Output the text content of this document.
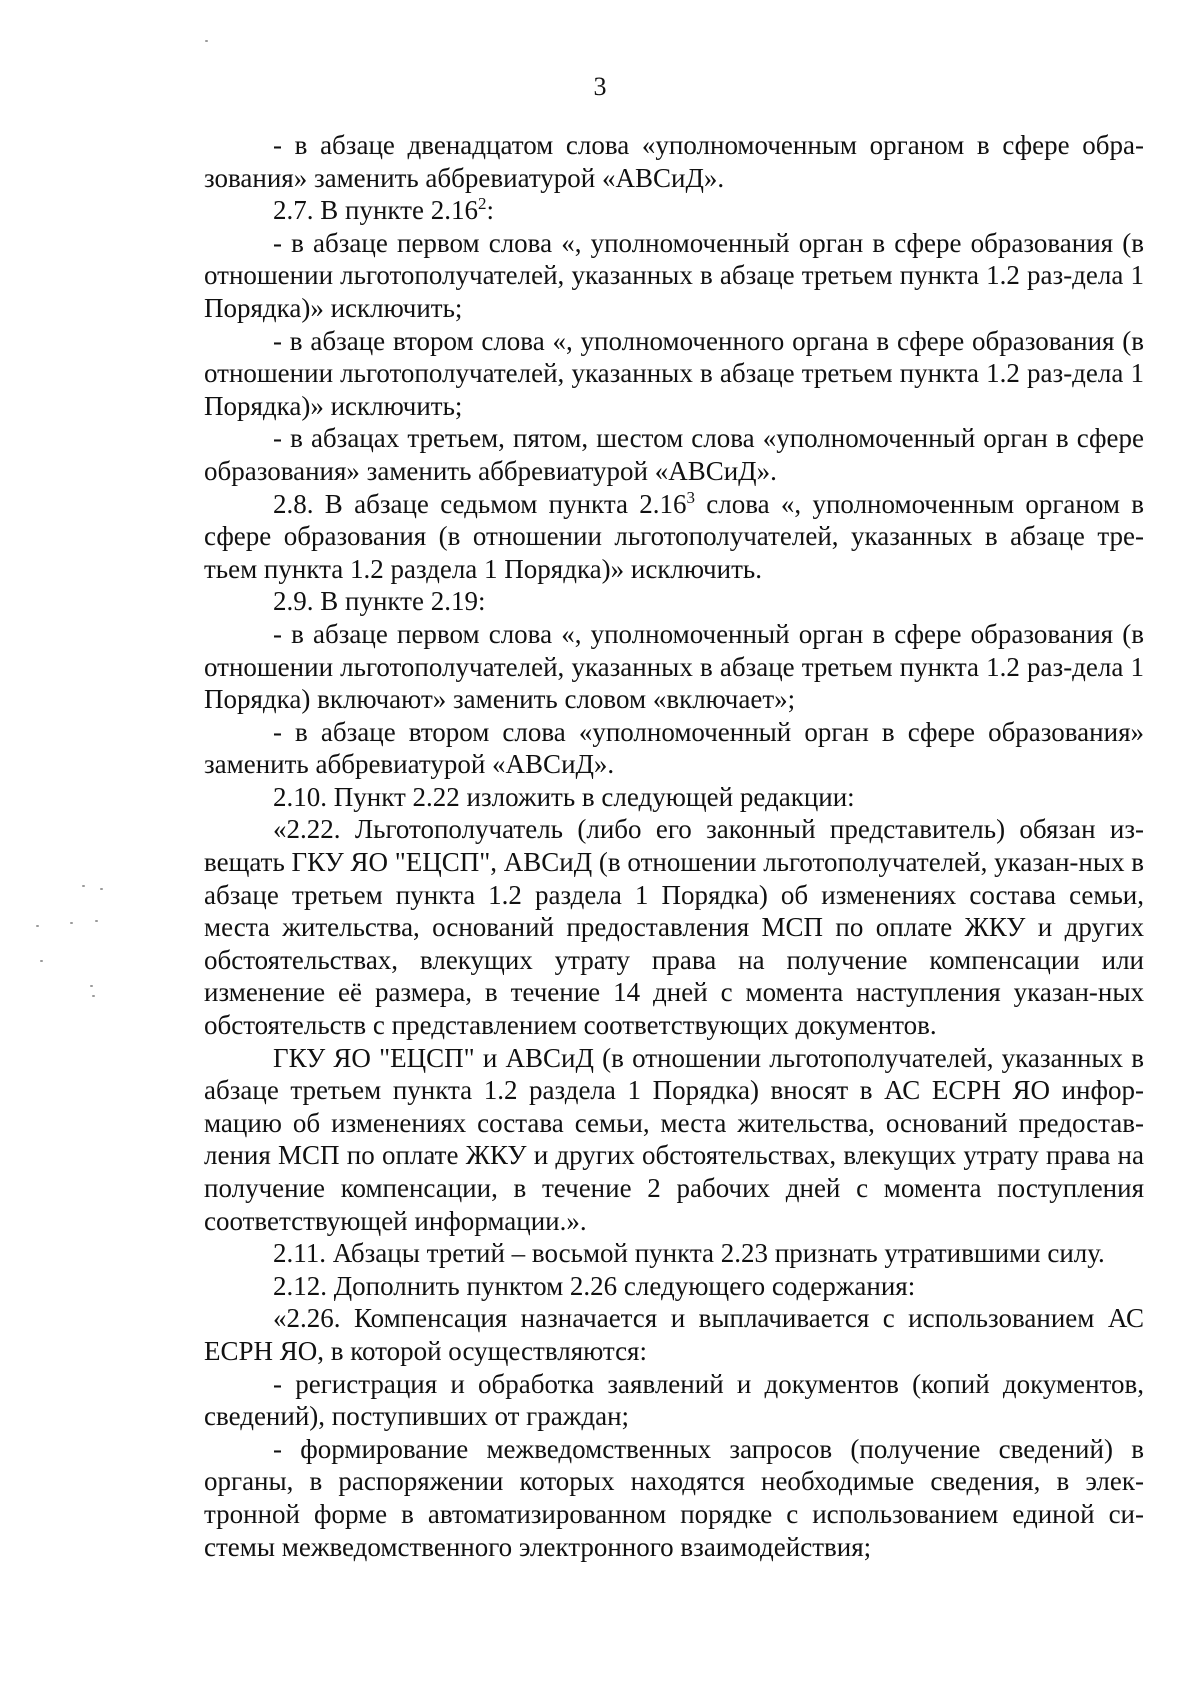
3

- в абзаце двенадцатом слова «уполномоченным органом в сфере обра-зования» заменить аббревиатурой «АВСиД».

2.7. В пункте 2.16$^2$:

- в абзаце первом слова «, уполномоченный орган в сфере образования (в отношении льготополучателей, указанных в абзаце третьем пункта 1.2 раз-дела 1 Порядка)» исключить;

- в абзаце втором слова «, уполномоченного органа в сфере образования (в отношении льготополучателей, указанных в абзаце третьем пункта 1.2 раз-дела 1 Порядка)» исключить;

- в абзацах третьем, пятом, шестом слова «уполномоченный орган в сфере образования» заменить аббревиатурой «АВСиД».

2.8. В абзаце седьмом пункта 2.16$^3$ слова «, уполномоченным органом в сфере образования (в отношении льготополучателей, указанных в абзаце тре-тьем пункта 1.2 раздела 1 Порядка)» исключить.

2.9. В пункте 2.19:

- в абзаце первом слова «, уполномоченный орган в сфере образования (в отношении льготополучателей, указанных в абзаце третьем пункта 1.2 раз-дела 1 Порядка) включают» заменить словом «включает»;

- в абзаце втором слова «уполномоченный орган в сфере образования» заменить аббревиатурой «АВСиД».

2.10. Пункт 2.22 изложить в следующей редакции:

«2.22. Льготополучатель (либо его законный представитель) обязан из-вещать ГКУ ЯО "ЕЦСП", АВСиД (в отношении льготополучателей, указан-ных в абзаце третьем пункта 1.2 раздела 1 Порядка) об изменениях состава семьи, места жительства, оснований предоставления МСП по оплате ЖКУ и других обстоятельствах, влекущих утрату права на получение компенсации или изменение её размера, в течение 14 дней с момента наступления указан-ных обстоятельств с представлением соответствующих документов.

ГКУ ЯО "ЕЦСП" и АВСиД (в отношении льготополучателей, указанных в абзаце третьем пункта 1.2 раздела 1 Порядка) вносят в АС ЕСРН ЯО инфор-мацию об изменениях состава семьи, места жительства, оснований предостав-ления МСП по оплате ЖКУ и других обстоятельствах, влекущих утрату права на получение компенсации, в течение 2 рабочих дней с момента поступления соответствующей информации.».

2.11. Абзацы третий – восьмой пункта 2.23 признать утратившими силу.

2.12. Дополнить пунктом 2.26 следующего содержания:

«2.26. Компенсация назначается и выплачивается с использованием АС ЕСРН ЯО, в которой осуществляются:

- регистрация и обработка заявлений и документов (копий документов, сведений), поступивших от граждан;

- формирование межведомственных запросов (получение сведений) в органы, в распоряжении которых находятся необходимые сведения, в элек-тронной форме в автоматизированном порядке с использованием единой си-стемы межведомственного электронного взаимодействия;
